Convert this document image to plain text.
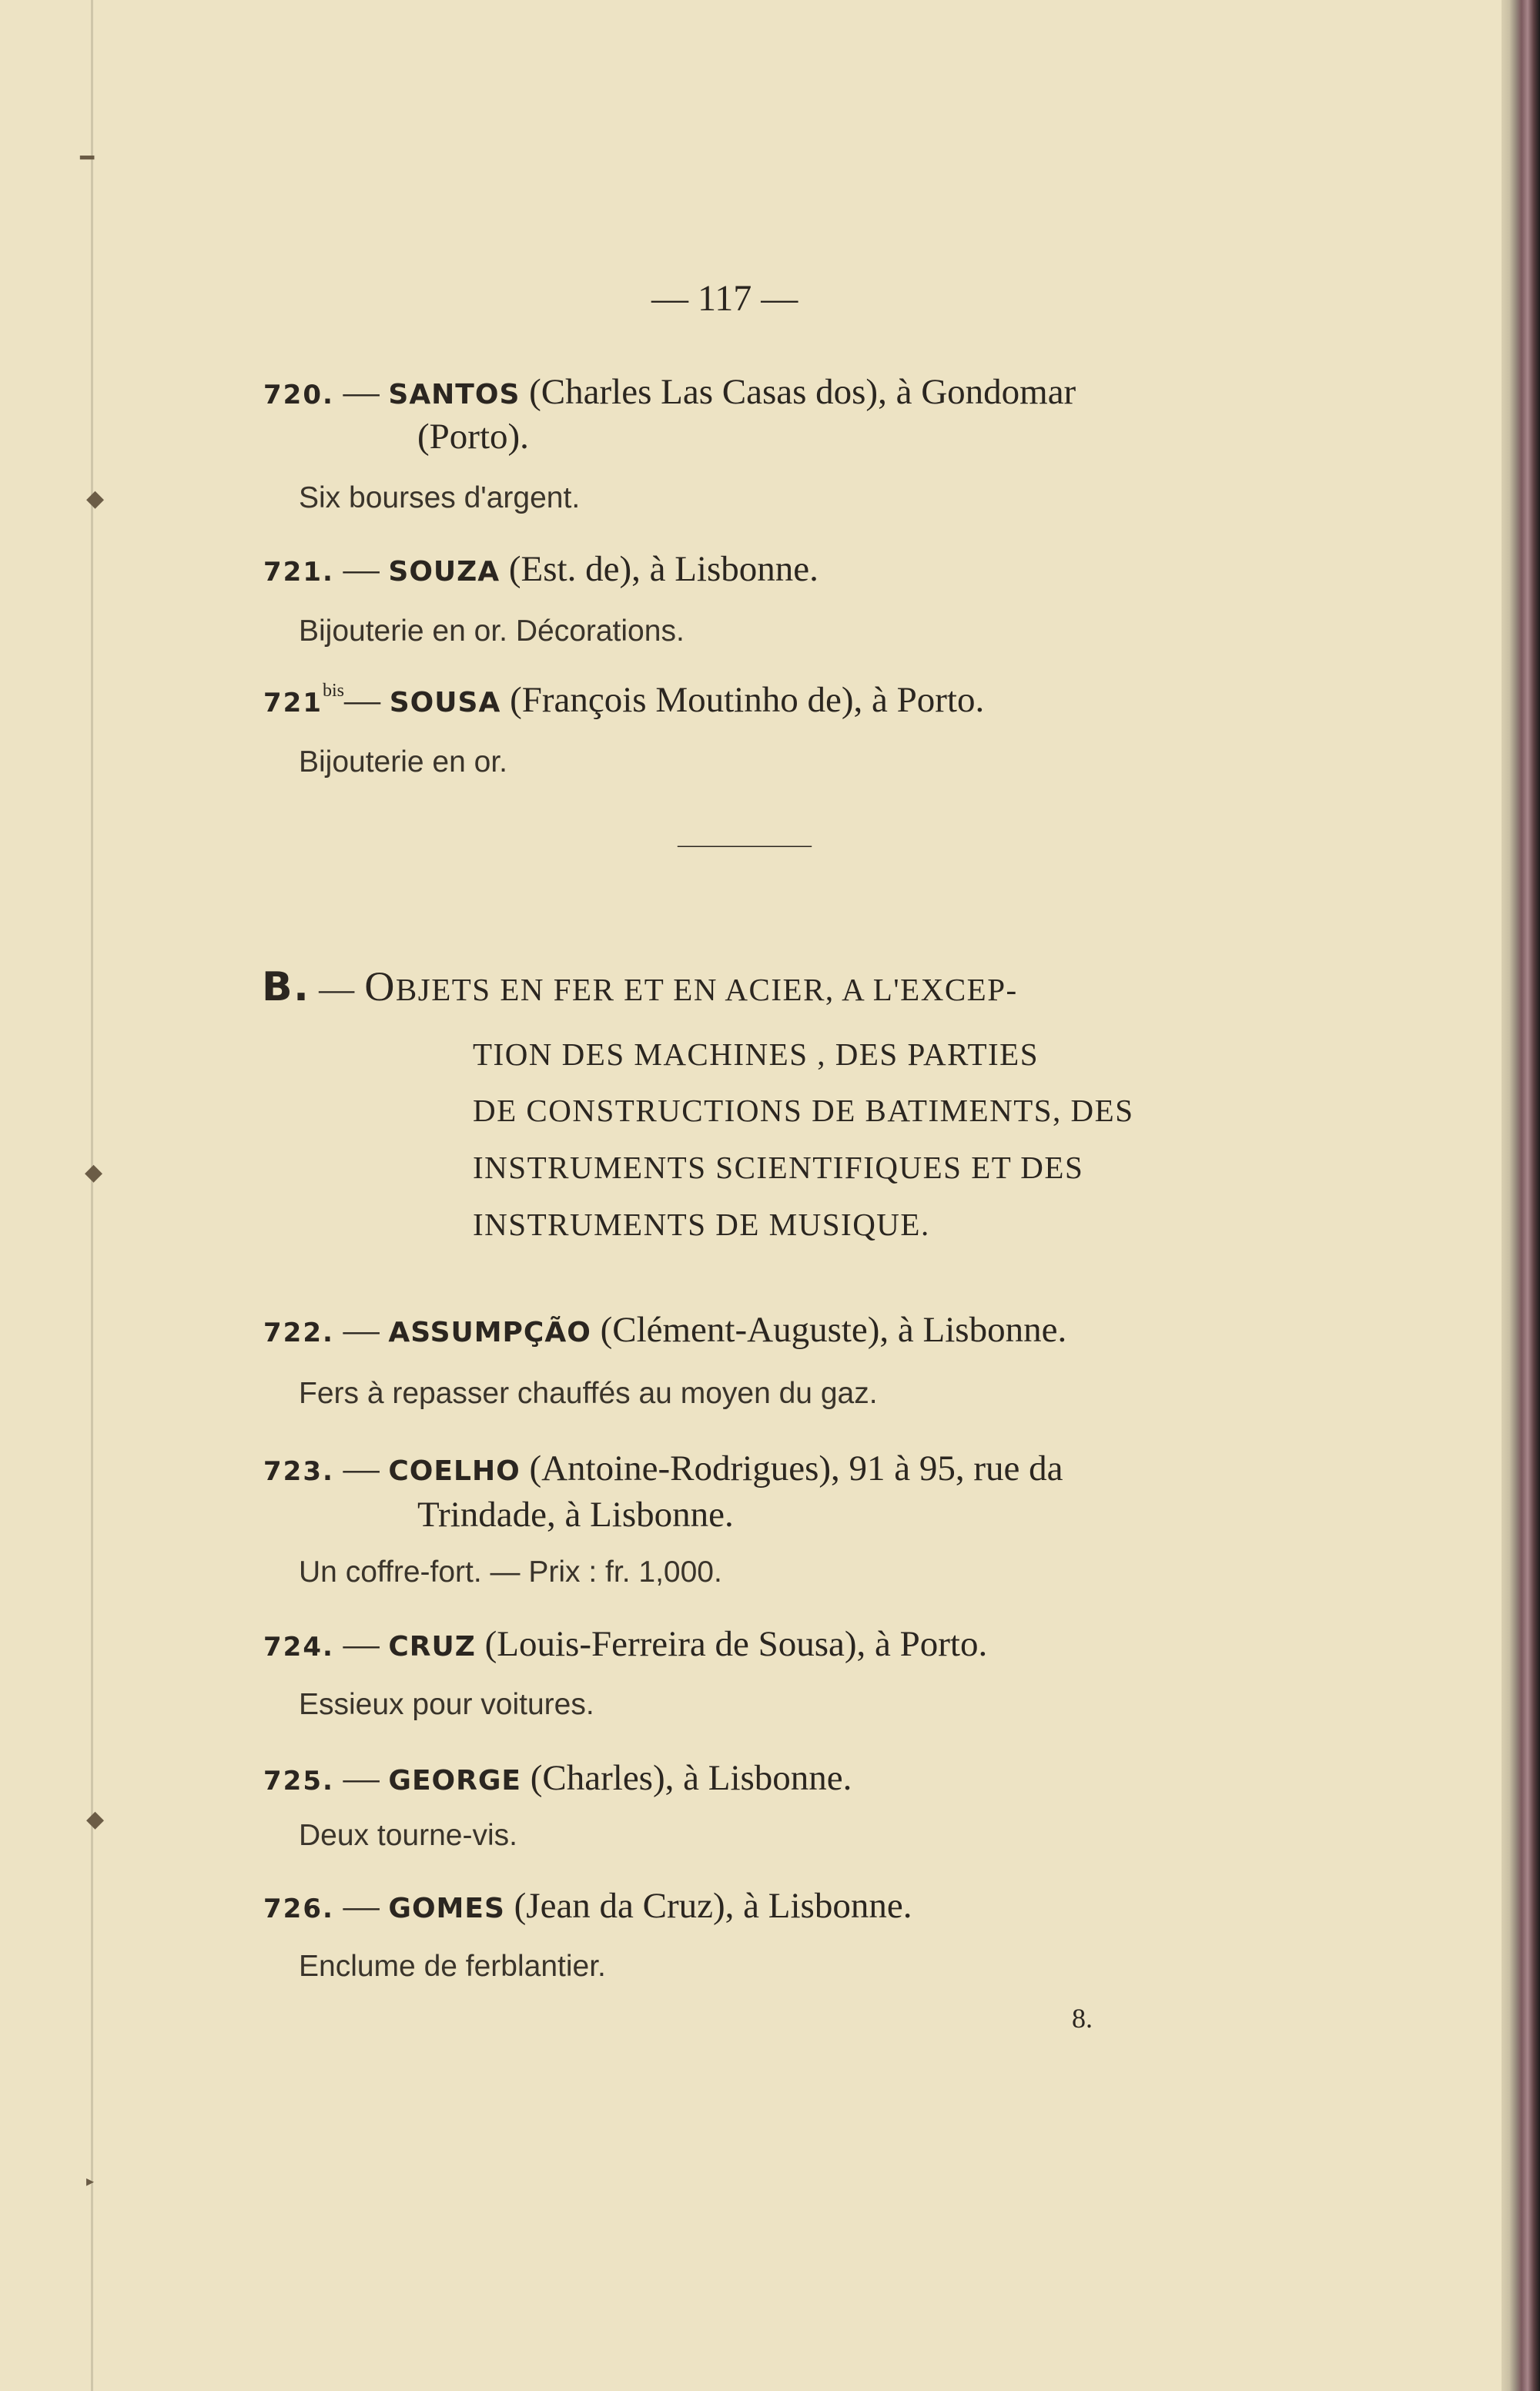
━
◆
◆
◆
▸
— 117 —
720. — SANTOS (Charles Las Casas dos), à Gondomar
(Porto).
Six bourses d'argent.
721. — SOUZA (Est. de), à Lisbonne.
Bijouterie en or. Décorations.
$721^{bis}—$ SOUSA (François Moutinho de), à Porto.
Bijouterie en or.
———————
B. — OBJETS EN FER ET EN ACIER, A L'EXCEP-
TION DES MACHINES , DES PARTIES
DE CONSTRUCTIONS DE BATIMENTS, DES
INSTRUMENTS SCIENTIFIQUES ET DES
INSTRUMENTS DE MUSIQUE.
722. — ASSUMPÇÃO (Clément-Auguste), à Lisbonne.
Fers à repasser chauffés au moyen du gaz.
723. — COELHO (Antoine-Rodrigues), 91 à 95, rue da
Trindade, à Lisbonne.
Un coffre-fort. — Prix : fr. 1,000.
724. — CRUZ (Louis-Ferreira de Sousa), à Porto.
Essieux pour voitures.
725. — GEORGE (Charles), à Lisbonne.
Deux tourne-vis.
726. — GOMES (Jean da Cruz), à Lisbonne.
Enclume de ferblantier.
8.
